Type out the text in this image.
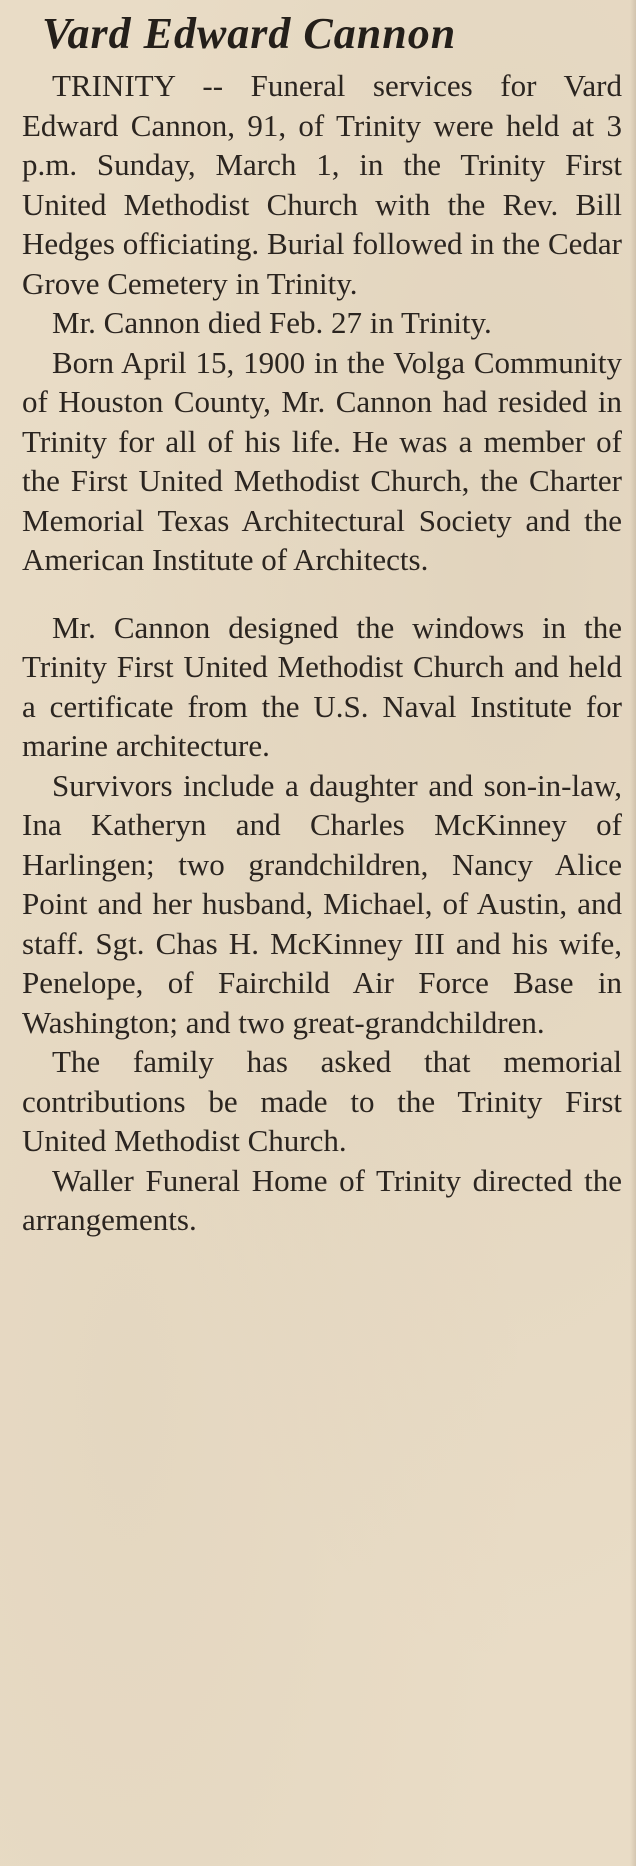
Vard Edward Cannon

TRINITY -- Funeral services for Vard Edward Cannon, 91, of Trinity were held at 3 p.m. Sunday, March 1, in the Trinity First United Methodist Church with the Rev. Bill Hedges officiating. Burial followed in the Cedar Grove Cemetery in Trinity.

Mr. Cannon died Feb. 27 in Trinity.

Born April 15, 1900 in the Volga Community of Houston County, Mr. Cannon had resided in Trinity for all of his life. He was a member of the First United Methodist Church, the Charter Memorial Texas Architectural Society and the American Institute of Architects.

Mr. Cannon designed the windows in the Trinity First United Methodist Church and held a certificate from the U.S. Naval Institute for marine architecture.

Survivors include a daughter and son-in-law, Ina Katheryn and Charles McKinney of Harlingen; two grandchildren, Nancy Alice Point and her husband, Michael, of Austin, and staff. Sgt. Chas H. McKinney III and his wife, Penelope, of Fairchild Air Force Base in Washington; and two great-grandchildren.

The family has asked that memorial contributions be made to the Trinity First United Methodist Church.

Waller Funeral Home of Trinity directed the arrangements.
